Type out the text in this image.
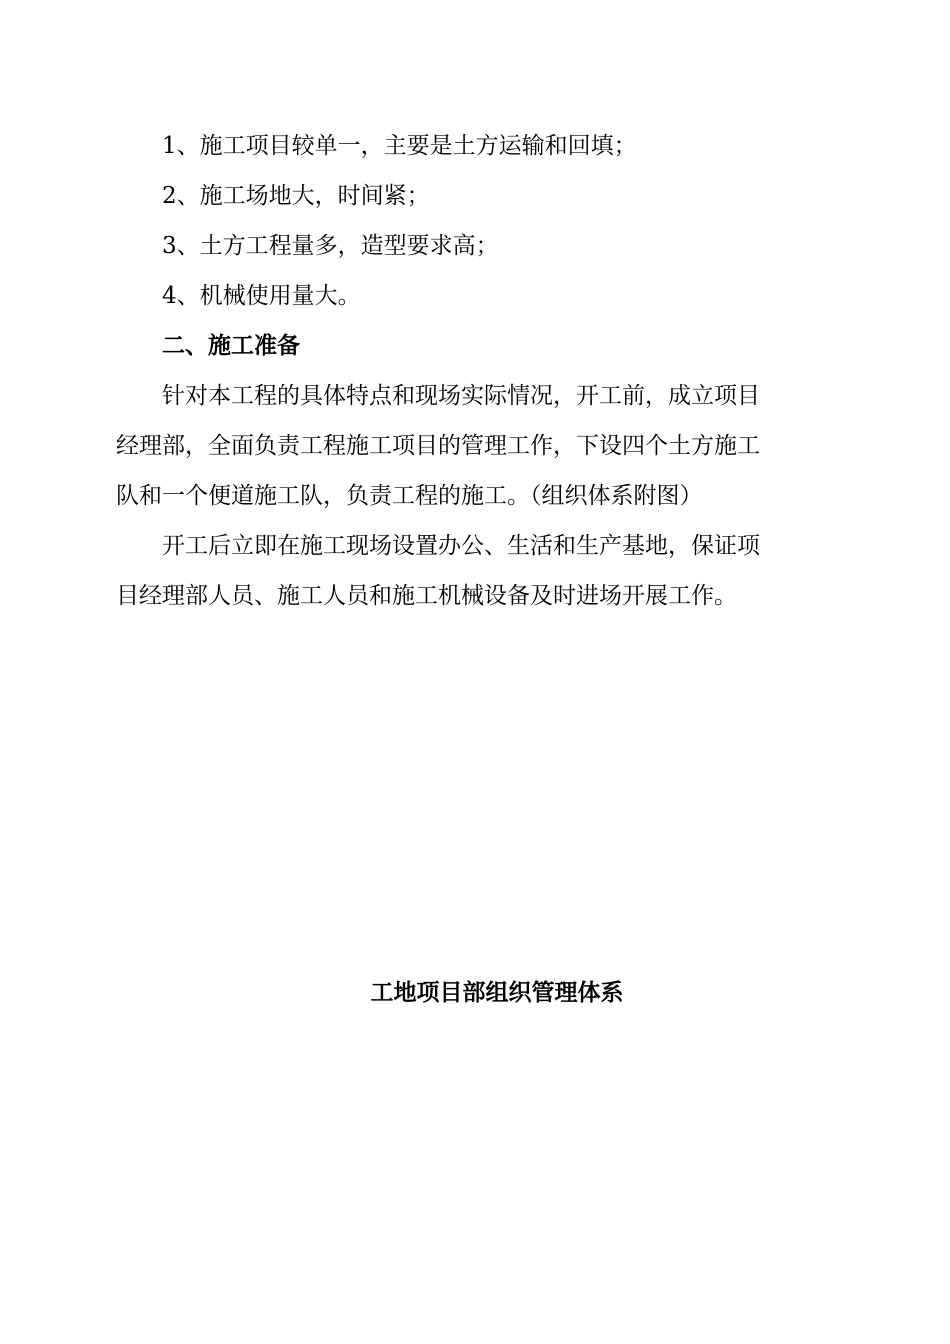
1、施工项目较单一，主要是土方运输和回填；
2、施工场地大，时间紧；
3、土方工程量多，造型要求高；
4、机械使用量大。
二、施工准备
针对本工程的具体特点和现场实际情况，开工前，成立项目
经理部，全面负责工程施工项目的管理工作，下设四个土方施工
队和一个便道施工队，负责工程的施工。（组织体系附图）
开工后立即在施工现场设置办公、生活和生产基地，保证项
目经理部人员、施工人员和施工机械设备及时进场开展工作。
工地项目部组织管理体系
